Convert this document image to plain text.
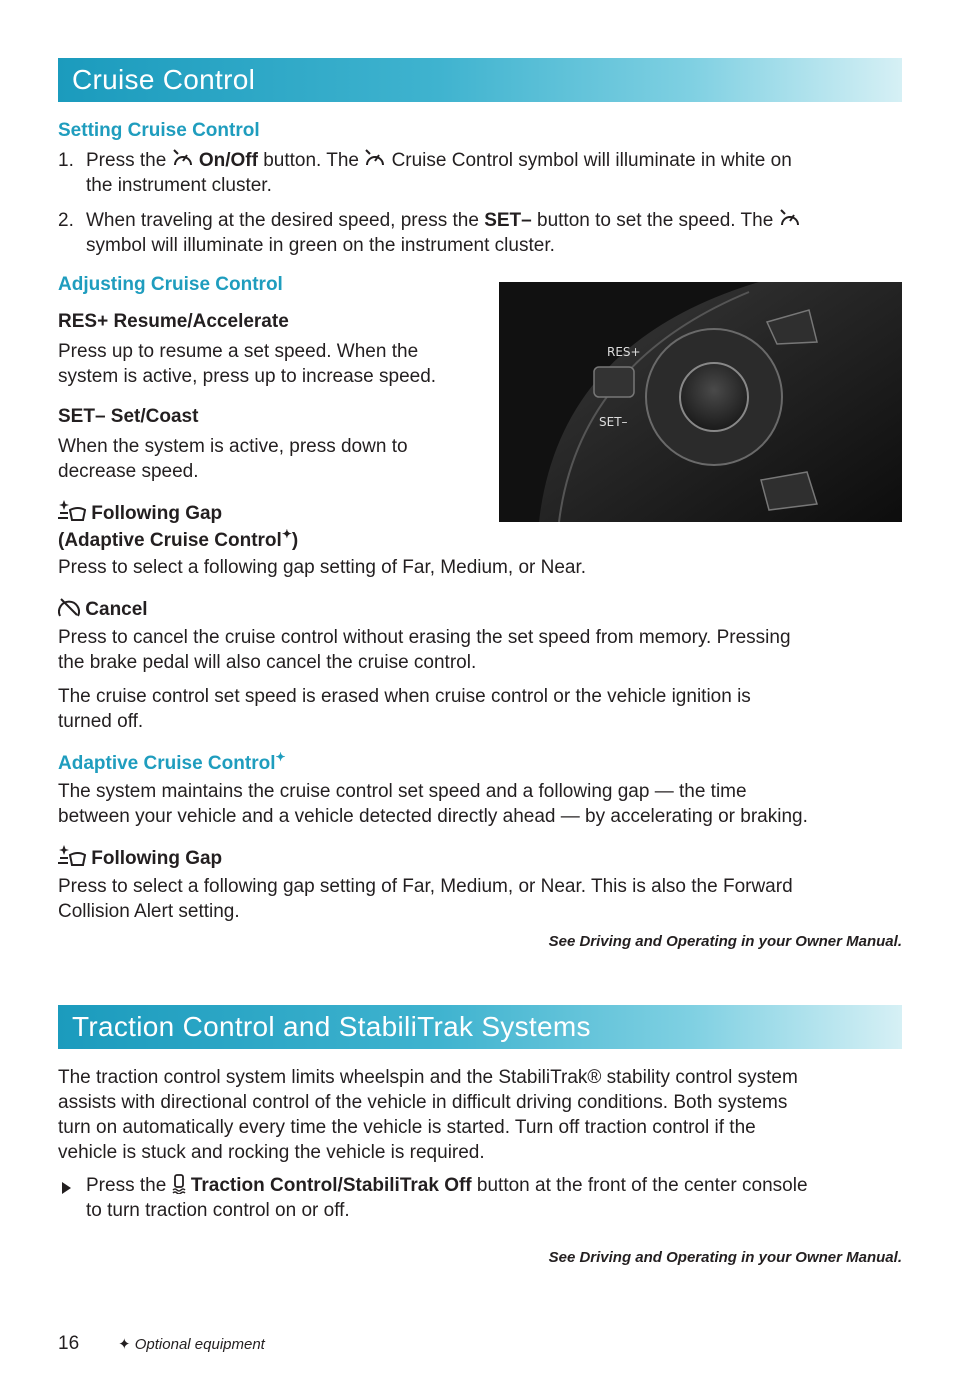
Cruise Control
Setting Cruise Control
1. Press the On/Off button. The Cruise Control symbol will illuminate in white on
the instrument cluster.
2. When traveling at the desired speed, press the SET– button to set the speed. The
symbol will illuminate in green on the instrument cluster.
Adjusting Cruise Control
RES+ Resume/Accelerate
Press up to resume a set speed. When the
system is active, press up to increase speed.
SET– Set/Coast
When the system is active, press down to
decrease speed.
Following Gap
(Adaptive Cruise Control✦)
Press to select a following gap setting of Far, Medium, or Near.
RES+
SET–
Cancel
Press to cancel the cruise control without erasing the set speed from memory. Pressing
the brake pedal will also cancel the cruise control.
The cruise control set speed is erased when cruise control or the vehicle ignition is
turned off.
Adaptive Cruise Control✦
The system maintains the cruise control set speed and a following gap — the time
between your vehicle and a vehicle detected directly ahead — by accelerating or braking.
Following Gap
Press to select a following gap setting of Far, Medium, or Near. This is also the Forward
Collision Alert setting.
See Driving and Operating in your Owner Manual.
Traction Control and StabiliTrak Systems
The traction control system limits wheelspin and the StabiliTrak® stability control system
assists with directional control of the vehicle in difficult driving conditions. Both systems
turn on automatically every time the vehicle is started. Turn off traction control if the
vehicle is stuck and rocking the vehicle is required.
Press the Traction Control/StabiliTrak Off button at the front of the center console
to turn traction control on or off.
See Driving and Operating in your Owner Manual.
16	✦ Optional equipment
